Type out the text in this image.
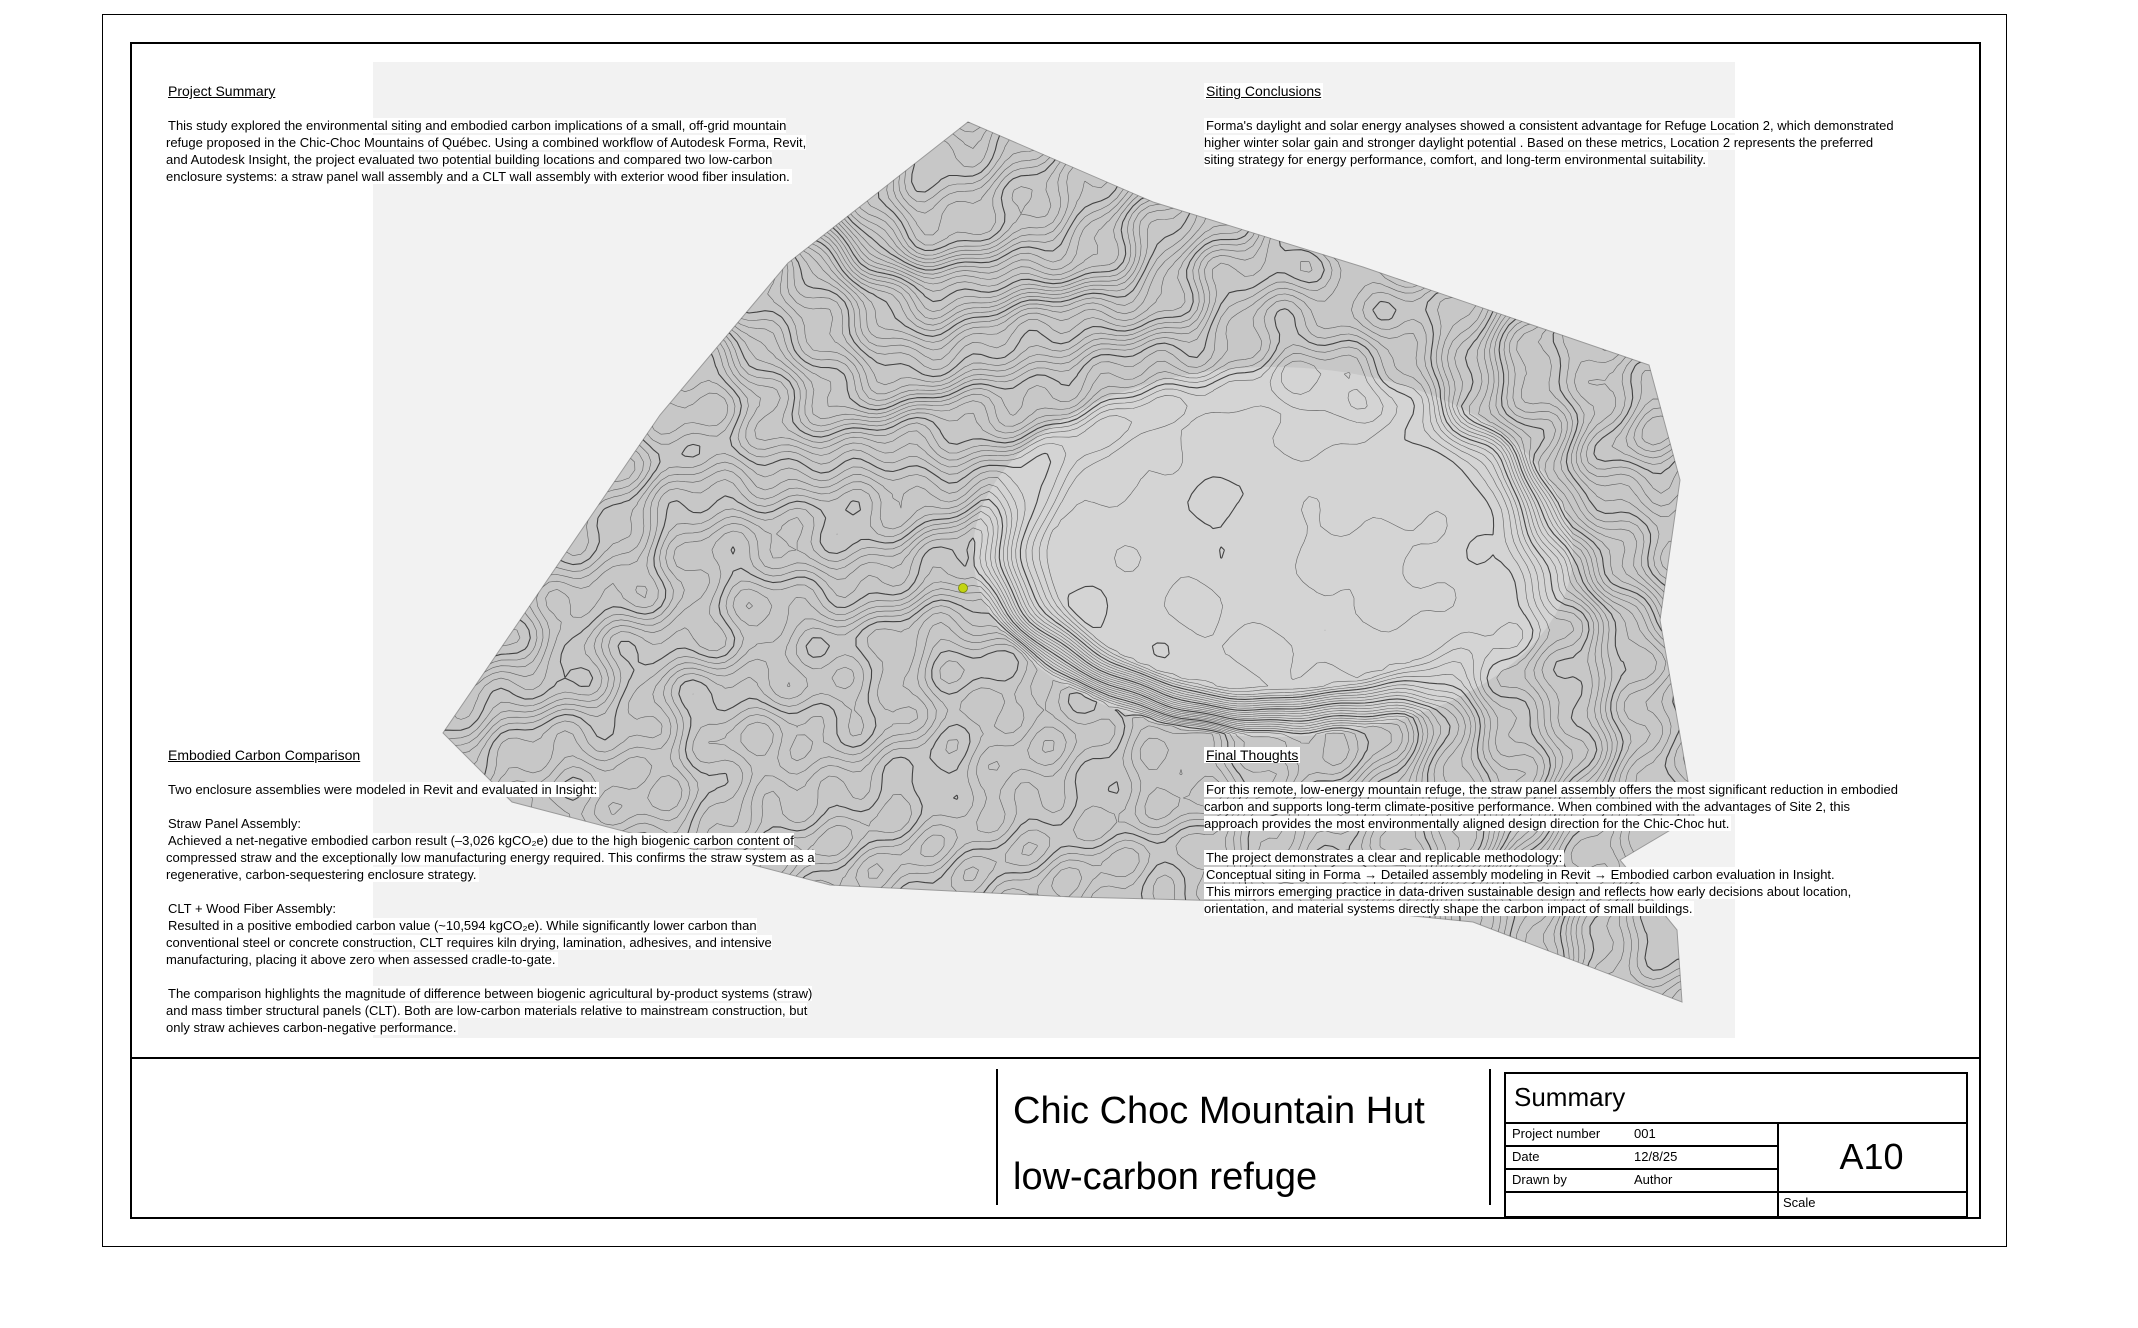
Project Summary
This study explored the environmental siting and embodied carbon implications of a small, off-grid mountain refuge proposed in the Chic-Choc Mountains of Québec. Using a combined workflow of Autodesk Forma, Revit, and Autodesk Insight, the project evaluated two potential building locations and compared two low-carbon enclosure systems: a straw panel wall assembly and a CLT wall assembly with exterior wood fiber insulation.
Siting Conclusions
Forma's daylight and solar energy analyses showed a consistent advantage for Refuge Location 2, which demonstrated higher winter solar gain and stronger daylight potential . Based on these metrics, Location 2 represents the preferred siting strategy for energy performance, comfort, and long-term environmental suitability.
Embodied Carbon Comparison
Two enclosure assemblies were modeled in Revit and evaluated in Insight:
Straw Panel Assembly:
Achieved a net-negative embodied carbon result (–3,026 kgCO₂e) due to the high biogenic carbon content of compressed straw and the exceptionally low manufacturing energy required. This confirms the straw system as a regenerative, carbon-sequestering enclosure strategy.
CLT + Wood Fiber Assembly:
Resulted in a positive embodied carbon value (~10,594 kgCO₂e). While significantly lower carbon than conventional steel or concrete construction, CLT requires kiln drying, lamination, adhesives, and intensive manufacturing, placing it above zero when assessed cradle-to-gate.
The comparison highlights the magnitude of difference between biogenic agricultural by-product systems (straw) and mass timber structural panels (CLT). Both are low-carbon materials relative to mainstream construction, but only straw achieves carbon-negative performance.
Final Thoughts
For this remote, low-energy mountain refuge, the straw panel assembly offers the most significant reduction in embodied carbon and supports long-term climate-positive performance. When combined with the advantages of Site 2, this approach provides the most environmentally aligned design direction for the Chic-Choc hut.
The project demonstrates a clear and replicable methodology:
Conceptual siting in Forma → Detailed assembly modeling in Revit → Embodied carbon evaluation in Insight.
This mirrors emerging practice in data-driven sustainable design and reflects how early decisions about location, orientation, and material systems directly shape the carbon impact of small buildings.
Chic Choc Mountain Hut
low-carbon refuge
Summary
Project number	001
Date	12/8/25
Drawn by	Author
A10
Scale
